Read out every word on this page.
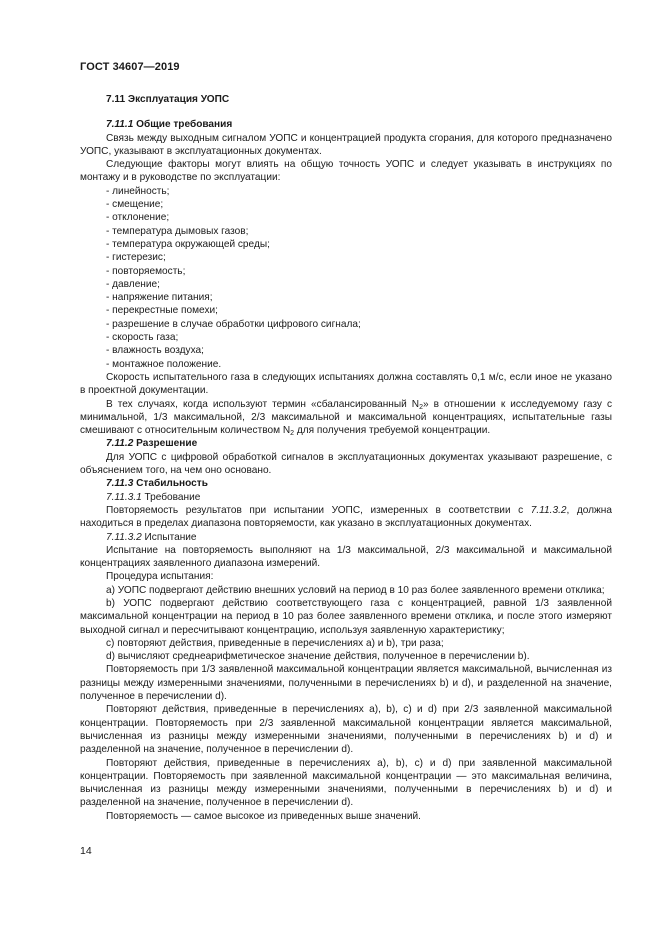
ГОСТ 34607—2019

7.11 Эксплуатация УОПС

7.11.1 Общие требования

Связь между выходным сигналом УОПС и концентрацией продукта сгорания, для которого предназначено УОПС, указывают в эксплуатационных документах.

Следующие факторы могут влиять на общую точность УОПС и следует указывать в инструкциях по монтажу и в руководстве по эксплуатации:

- линейность;

- смещение;

- отклонение;

- температура дымовых газов;

- температура окружающей среды;

- гистерезис;

- повторяемость;

- давление;

- напряжение питания;

- перекрестные помехи;

- разрешение в случае обработки цифрового сигнала;

- скорость газа;

- влажность воздуха;

- монтажное положение.

Скорость испытательного газа в следующих испытаниях должна составлять 0,1 м/с, если иное не указано в проектной документации.

В тех случаях, когда используют термин «сбалансированный $N_2$» в отношении к исследуемому газу с минимальной, 1/3 максимальной, 2/3 максимальной и максимальной концентрациях, испытательные газы смешивают с относительным количеством $N_2$ для получения требуемой концентрации.

7.11.2 Разрешение

Для УОПС с цифровой обработкой сигналов в эксплуатационных документах указывают разрешение, с объяснением того, на чем оно основано.

7.11.3 Стабильность

7.11.3.1 Требование

Повторяемость результатов при испытании УОПС, измеренных в соответствии с 7.11.3.2, должна находиться в пределах диапазона повторяемости, как указано в эксплуатационных документах.

7.11.3.2 Испытание

Испытание на повторяемость выполняют на 1/3 максимальной, 2/3 максимальной и максимальной концентрациях заявленного диапазона измерений.

Процедура испытания:

а) УОПС подвергают действию внешних условий на период в 10 раз более заявленного времени отклика;

b) УОПС подвергают действию соответствующего газа с концентрацией, равной 1/3 заявленной максимальной концентрации на период в 10 раз более заявленного времени отклика, и после этого измеряют выходной сигнал и пересчитывают концентрацию, используя заявленную характеристику;

c) повторяют действия, приведенные в перечислениях а) и b), три раза;

d) вычисляют среднеарифметическое значение действия, полученное в перечислении b).

Повторяемость при 1/3 заявленной максимальной концентрации является максимальной, вычисленная из разницы между измеренными значениями, полученными в перечислениях b) и d), и разделенной на значение, полученное в перечислении d).

Повторяют действия, приведенные в перечислениях а), b), c) и d) при 2/3 заявленной максимальной концентрации. Повторяемость при 2/3 заявленной максимальной концентрации является максимальной, вычисленная из разницы между измеренными значениями, полученными в перечислениях b) и d) и разделенной на значение, полученное в перечислении d).

Повторяют действия, приведенные в перечислениях а), b), c) и d) при заявленной максимальной концентрации. Повторяемость при заявленной максимальной концентрации — это максимальная величина, вычисленная из разницы между измеренными значениями, полученными в перечислениях b) и d) и разделенной на значение, полученное в перечислении d).

Повторяемость — самое высокое из приведенных выше значений.

14
